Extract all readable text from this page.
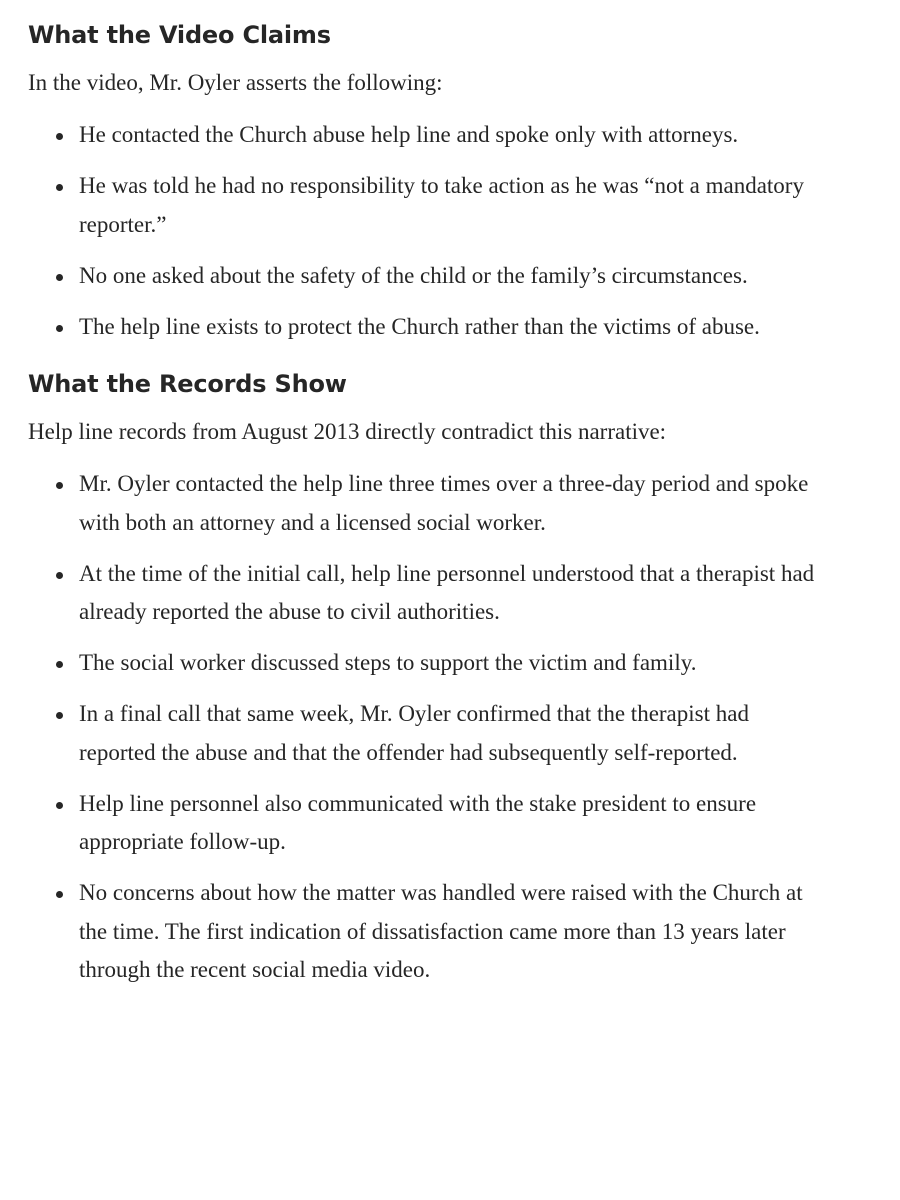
What the Video Claims

In the video, Mr. Oyler asserts the following:

He contacted the Church abuse help line and spoke only with attorneys.
He was told he had no responsibility to take action as he was “not a mandatory reporter.”
No one asked about the safety of the child or the family’s circumstances.
The help line exists to protect the Church rather than the victims of abuse.
What the Records Show

Help line records from August 2013 directly contradict this narrative:

Mr. Oyler contacted the help line three times over a three-day period and spoke with both an attorney and a licensed social worker.
At the time of the initial call, help line personnel understood that a therapist had already reported the abuse to civil authorities.
The social worker discussed steps to support the victim and family.
In a final call that same week, Mr. Oyler confirmed that the therapist had reported the abuse and that the offender had subsequently self-reported.
Help line personnel also communicated with the stake president to ensure appropriate follow-up.
No concerns about how the matter was handled were raised with the Church at the time. The first indication of dissatisfaction came more than 13 years later through the recent social media video.
